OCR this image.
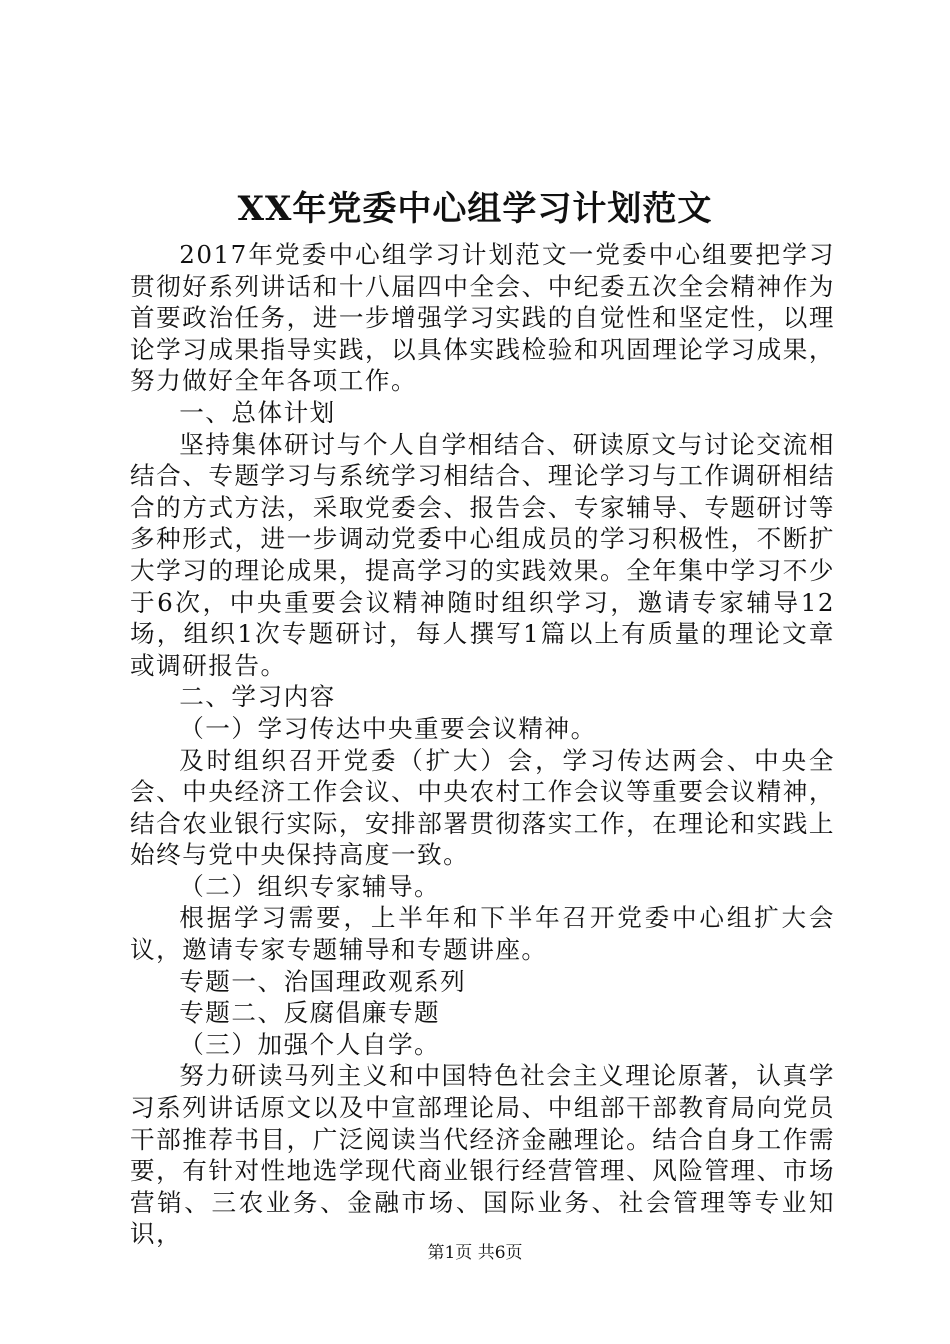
XX年党委中心组学习计划范文

2017年党委中心组学习计划范文一党委中心组要把学习贯彻好系列讲话和十八届四中全会、中纪委五次全会精神作为首要政治任务，进一步增强学习实践的自觉性和坚定性，以理论学习成果指导实践，以具体实践检验和巩固理论学习成果，努力做好全年各项工作。

一、总体计划

坚持集体研讨与个人自学相结合、研读原文与讨论交流相结合、专题学习与系统学习相结合、理论学习与工作调研相结合的方式方法，采取党委会、报告会、专家辅导、专题研讨等多种形式，进一步调动党委中心组成员的学习积极性，不断扩大学习的理论成果，提高学习的实践效果。全年集中学习不少于6次，中央重要会议精神随时组织学习，邀请专家辅导12场，组织1次专题研讨，每人撰写1篇以上有质量的理论文章或调研报告。

二、学习内容

（一）学习传达中央重要会议精神。

及时组织召开党委（扩大）会，学习传达两会、中央全会、中央经济工作会议、中央农村工作会议等重要会议精神，结合农业银行实际，安排部署贯彻落实工作，在理论和实践上始终与党中央保持高度一致。

（二）组织专家辅导。

根据学习需要，上半年和下半年召开党委中心组扩大会议，邀请专家专题辅导和专题讲座。

专题一、治国理政观系列

专题二、反腐倡廉专题

（三）加强个人自学。

努力研读马列主义和中国特色社会主义理论原著，认真学习系列讲话原文以及中宣部理论局、中组部干部教育局向党员干部推荐书目，广泛阅读当代经济金融理论。结合自身工作需要，有针对性地选学现代商业银行经营管理、风险管理、市场营销、三农业务、金融市场、国际业务、社会管理等专业知识，

第1页 共6页
